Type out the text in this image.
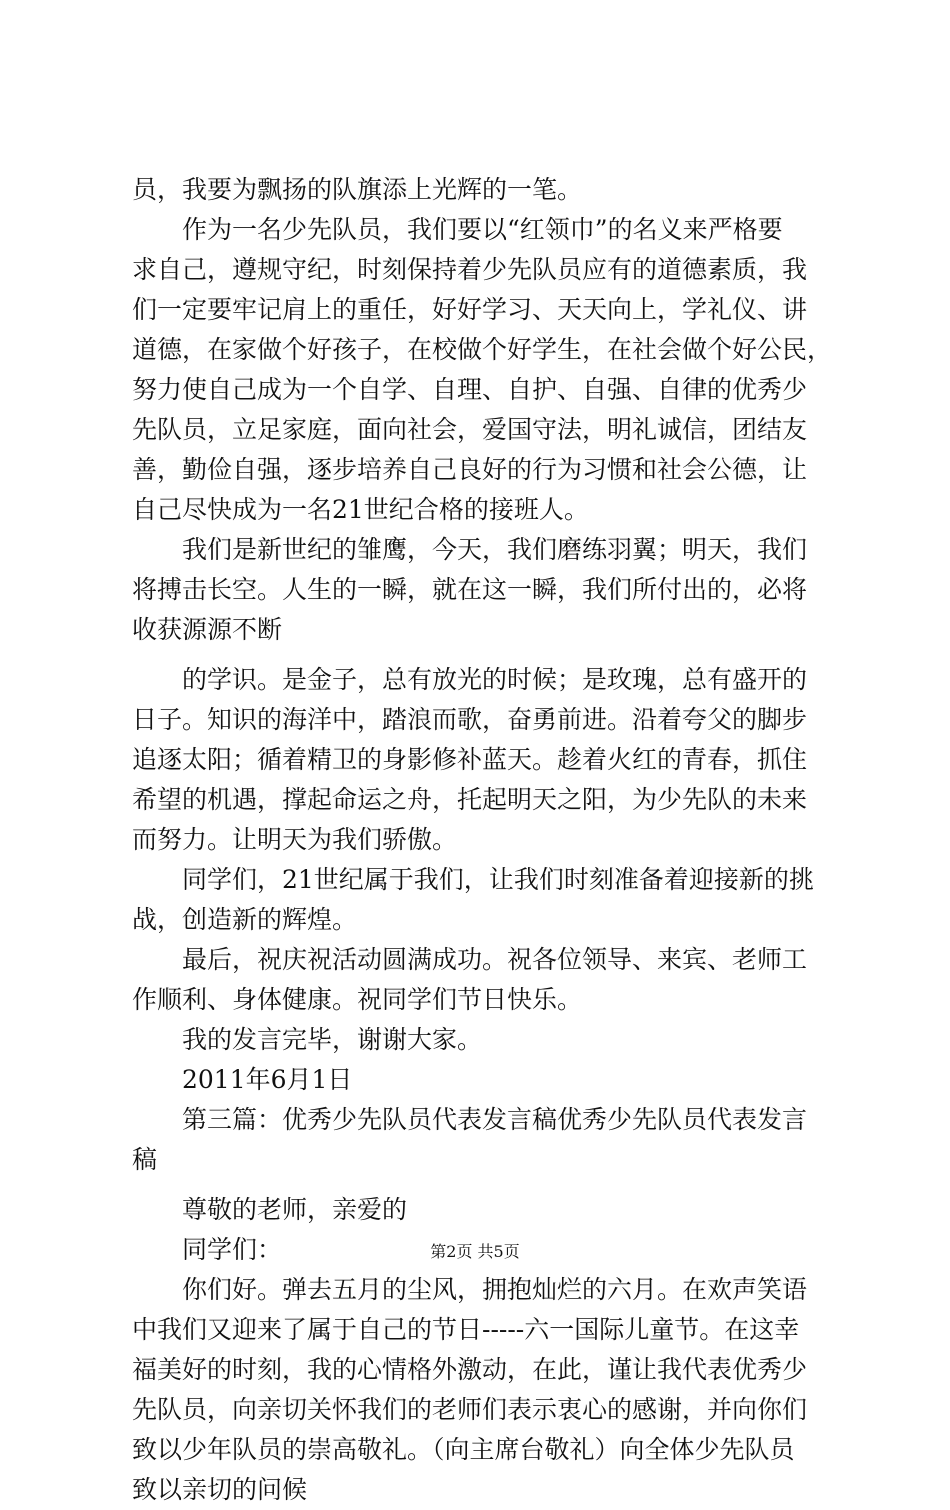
员，我要为飘扬的队旗添上光辉的一笔。
作为一名少先队员，我们要以“红领巾”的名义来严格要
求自己，遵规守纪，时刻保持着少先队员应有的道德素质，我
们一定要牢记肩上的重任，好好学习、天天向上，学礼仪、讲
道德，在家做个好孩子，在校做个好学生，在社会做个好公民，
努力使自己成为一个自学、自理、自护、自强、自律的优秀少
先队员，立足家庭，面向社会，爱国守法，明礼诚信，团结友
善，勤俭自强，逐步培养自己良好的行为习惯和社会公德，让
自己尽快成为一名21世纪合格的接班人。
我们是新世纪的雏鹰，今天，我们磨练羽翼；明天，我们
将搏击长空。人生的一瞬，就在这一瞬，我们所付出的，必将
收获源源不断
的学识。是金子，总有放光的时候；是玫瑰，总有盛开的
日子。知识的海洋中，踏浪而歌，奋勇前进。沿着夸父的脚步
追逐太阳；循着精卫的身影修补蓝天。趁着火红的青春，抓住
希望的机遇，撑起命运之舟，托起明天之阳，为少先队的未来
而努力。让明天为我们骄傲。
同学们，21世纪属于我们，让我们时刻准备着迎接新的挑
战，创造新的辉煌。
最后，祝庆祝活动圆满成功。祝各位领导、来宾、老师工
作顺利、身体健康。祝同学们节日快乐。
我的发言完毕，谢谢大家。
2011年6月1日
第三篇：优秀少先队员代表发言稿优秀少先队员代表发言
稿
尊敬的老师，亲爱的
同学们：
你们好。弹去五月的尘风，拥抱灿烂的六月。在欢声笑语
中我们又迎来了属于自己的节日-----六一国际儿童节。在这幸
福美好的时刻，我的心情格外激动，在此，谨让我代表优秀少
先队员，向亲切关怀我们的老师们表示衷心的感谢，并向你们
致以少年队员的崇高敬礼。（向主席台敬礼）向全体少先队员
致以亲切的问候
第2页 共5页
